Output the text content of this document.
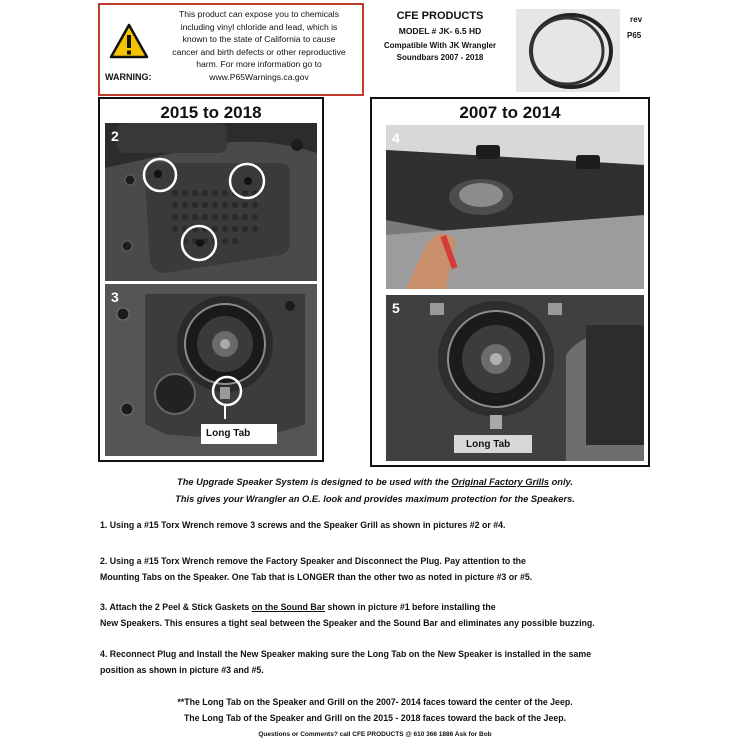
WARNING:
This product can expose you to chemicals
including vinyl chloride and lead, which is
known to the state of California to cause
cancer and birth defects or other reproductive
harm. For more information go to
www.P65Warnings.ca.gov
CFE PRODUCTS
MODEL # JK- 6.5 HD
Compatible With JK Wrangler
Soundbars 2007 - 2018
rev
P65
2015 to 2018
2
3
Long Tab
2007 to 2014
4
5
Long Tab
The Upgrade Speaker System is designed to be used with the Original Factory Grills only.
This gives your Wrangler an O.E. look and provides maximum protection for the Speakers.
1. Using a #15 Torx Wrench remove 3 screws and the Speaker Grill as shown in pictures #2 or #4.
2. Using a #15 Torx Wrench remove the Factory Speaker and Disconnect the Plug. Pay attention to the
Mounting Tabs on the Speaker. One Tab that is LONGER than the other two as noted in picture #3 or #5.
3. Attach the 2 Peel & Stick Gaskets on the Sound Bar shown in picture #1 before installing the
New Speakers. This ensures a tight seal between the Speaker and the Sound Bar and eliminates any possible buzzing.
4. Reconnect Plug and Install the New Speaker making sure the Long Tab on the New Speaker is installed in the same
position as shown in picture #3 and #5.
**The Long Tab on the Speaker and Grill on the 2007- 2014 faces toward the center of the Jeep.
The Long Tab of the Speaker and Grill on the 2015 - 2018 faces toward the back of the Jeep.
Questions or Comments? call CFE PRODUCTS @ 610 366 1886 Ask for Bob
